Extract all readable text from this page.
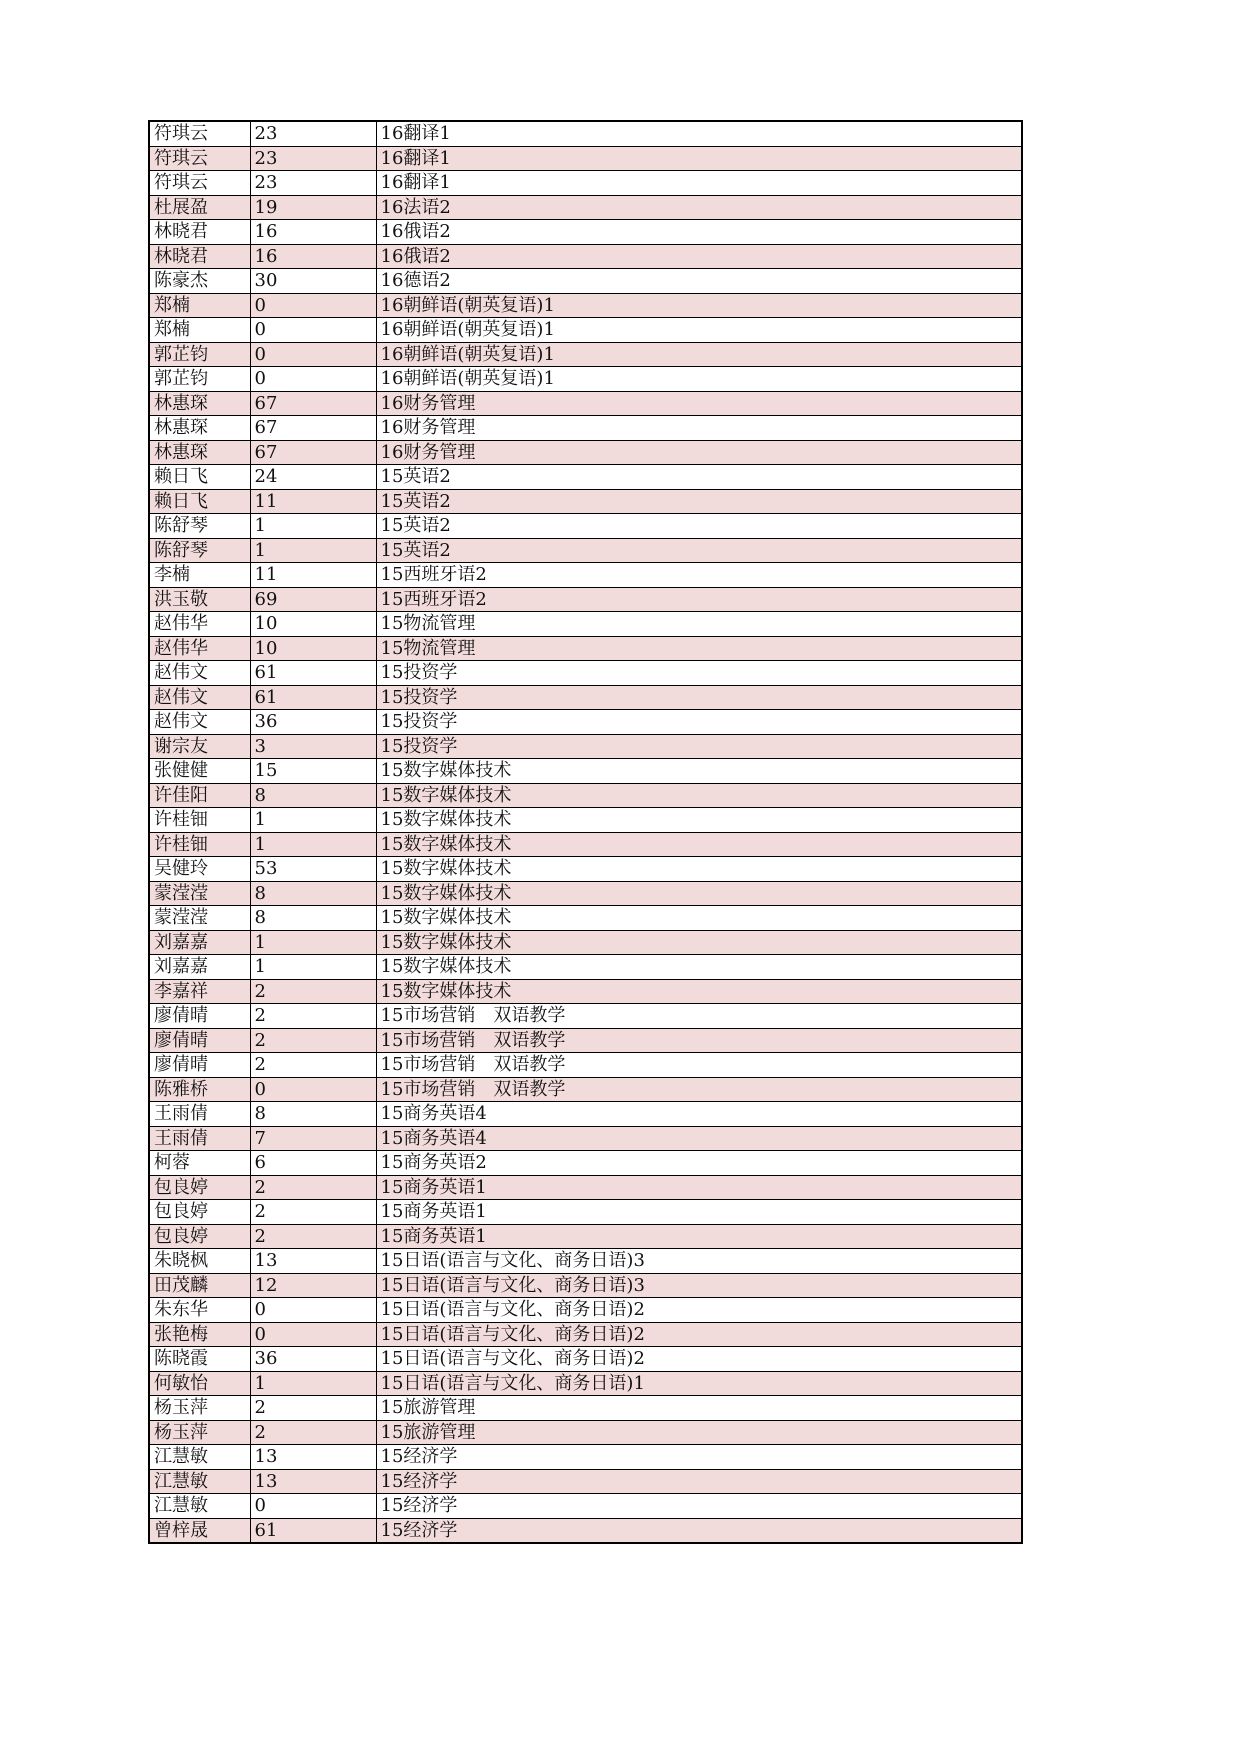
符琪云	23	16翻译1
符琪云	23	16翻译1
符琪云	23	16翻译1
杜展盈	19	16法语2
林晓君	16	16俄语2
林晓君	16	16俄语2
陈豪杰	30	16德语2
郑楠	0	16朝鲜语(朝英复语)1
郑楠	0	16朝鲜语(朝英复语)1
郭芷钧	0	16朝鲜语(朝英复语)1
郭芷钧	0	16朝鲜语(朝英复语)1
林惠琛	67	16财务管理
林惠琛	67	16财务管理
林惠琛	67	16财务管理
赖日飞	24	15英语2
赖日飞	11	15英语2
陈舒琴	1	15英语2
陈舒琴	1	15英语2
李楠	11	15西班牙语2
洪玉敬	69	15西班牙语2
赵伟华	10	15物流管理
赵伟华	10	15物流管理
赵伟文	61	15投资学
赵伟文	61	15投资学
赵伟文	36	15投资学
谢宗友	3	15投资学
张健健	15	15数字媒体技术
许佳阳	8	15数字媒体技术
许桂钿	1	15数字媒体技术
许桂钿	1	15数字媒体技术
吴健玲	53	15数字媒体技术
蒙滢滢	8	15数字媒体技术
蒙滢滢	8	15数字媒体技术
刘嘉嘉	1	15数字媒体技术
刘嘉嘉	1	15数字媒体技术
李嘉祥	2	15数字媒体技术
廖倩晴	2	15市场营销　双语教学
廖倩晴	2	15市场营销　双语教学
廖倩晴	2	15市场营销　双语教学
陈雅桥	0	15市场营销　双语教学
王雨倩	8	15商务英语4
王雨倩	7	15商务英语4
柯蓉	6	15商务英语2
包良婷	2	15商务英语1
包良婷	2	15商务英语1
包良婷	2	15商务英语1
朱晓枫	13	15日语(语言与文化、商务日语)3
田茂麟	12	15日语(语言与文化、商务日语)3
朱东华	0	15日语(语言与文化、商务日语)2
张艳梅	0	15日语(语言与文化、商务日语)2
陈晓霞	36	15日语(语言与文化、商务日语)2
何敏怡	1	15日语(语言与文化、商务日语)1
杨玉萍	2	15旅游管理
杨玉萍	2	15旅游管理
江慧敏	13	15经济学
江慧敏	13	15经济学
江慧敏	0	15经济学
曾梓晟	61	15经济学
